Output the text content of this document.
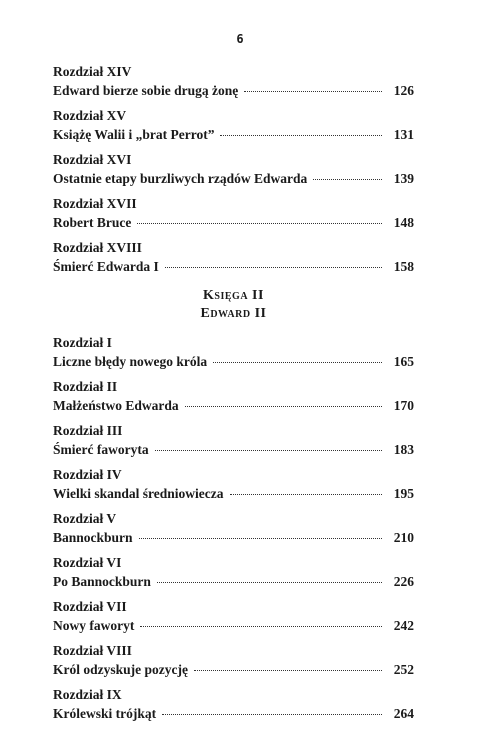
6
Rozdział XIV
Edward bierze sobie drugą żonę	126
Rozdział XV
Książę Walii i „brat Perrot”	131
Rozdział XVI
Ostatnie etapy burzliwych rządów Edwarda	139
Rozdział XVII
Robert Bruce	148
Rozdział XVIII
Śmierć Edwarda I	158
Księga II
Edward II
Rozdział I
Liczne błędy nowego króla	165
Rozdział II
Małżeństwo Edwarda	170
Rozdział III
Śmierć faworyta	183
Rozdział IV
Wielki skandal średniowiecza	195
Rozdział V
Bannockburn	210
Rozdział VI
Po Bannockburn	226
Rozdział VII
Nowy faworyt	242
Rozdział VIII
Król odzyskuje pozycję	252
Rozdział IX
Królewski trójkąt	264
